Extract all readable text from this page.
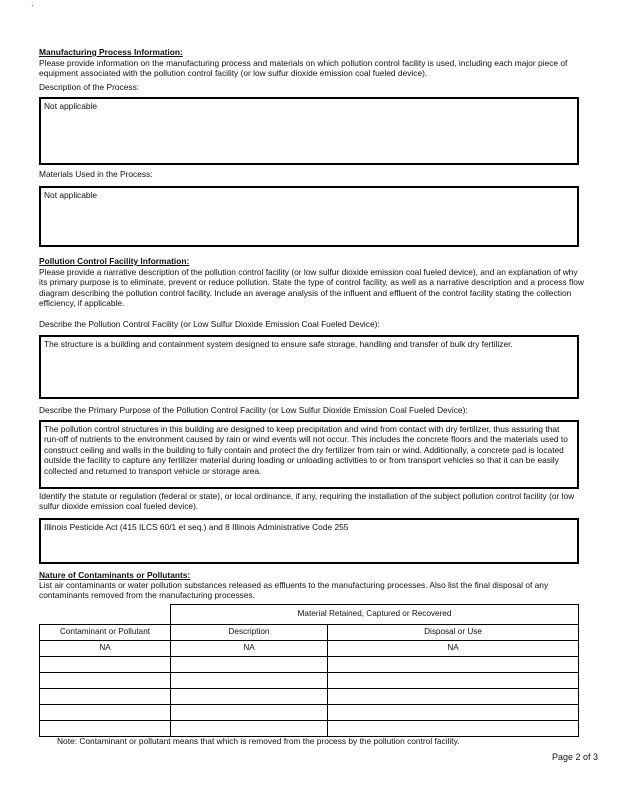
`
Manufacturing Process Information:
Please provide information on the manufacturing process and materials on which pollution control facility is used, including each major piece of equipment associated with the pollution control facility (or low sulfur dioxide emission coal fueled device).
Description of the Process:
Not applicable
Materials Used in the Process:
Not applicable
Pollution Control Facility Information:
Please provide a narrative description of the pollution control facility (or low sulfur dioxide emission coal fueled device), and an explanation of why its primary purpose is to eliminate, prevent or reduce pollution. State the type of control facility, as well as a narrative description and a process flow diagram describing the pollution control facility. Include an average analysis of the influent and effluent of the control facility stating the collection efficiency, if applicable.
Describe the Pollution Control Facility (or Low Sulfur Dioxide Emission Coal Fueled Device):
The structure is a building and containment system designed to ensure safe storage, handling and transfer of bulk dry fertilizer.
Describe the Primary Purpose of the Pollution Control Facility (or Low Sulfur Dioxide Emission Coal Fueled Device):
The pollution control structures in this building are designed to keep precipitation and wind from contact with dry fertilizer, thus assuring that run-off of nutrients to the environment caused by rain or wind events will not occur. This includes the concrete floors and the materials used to construct ceiling and walls in the building to fully contain and protect the dry fertilizer from rain or wind. Additionally, a concrete pad is located outside the facility to capture any fertilizer material during loading or unloading activities to or from transport vehicles so that it can be easily collected and returned to transport vehicle or storage area.
Identify the statute or regulation (federal or state), or local ordinance, if any, requiring the installation of the subject pollution control facility (or low sulfur dioxide emission coal fueled device).
Illinois Pesticide Act (415 ILCS 60/1 et seq.) and 8 Illinois Administrative Code 255
Nature of Contaminants or Pollutants:
List air contaminants or water pollution substances released as effluents to the manufacturing processes. Also list the final disposal of any contaminants removed from the manufacturing processes.
	Material Retained, Captured or Recovered	
Contaminant or Pollutant	Description	Disposal or Use
NA	NA	NA

Note: Contaminant or pollutant means that which is removed from the process by the pollution control facility.
Page 2 of 3
